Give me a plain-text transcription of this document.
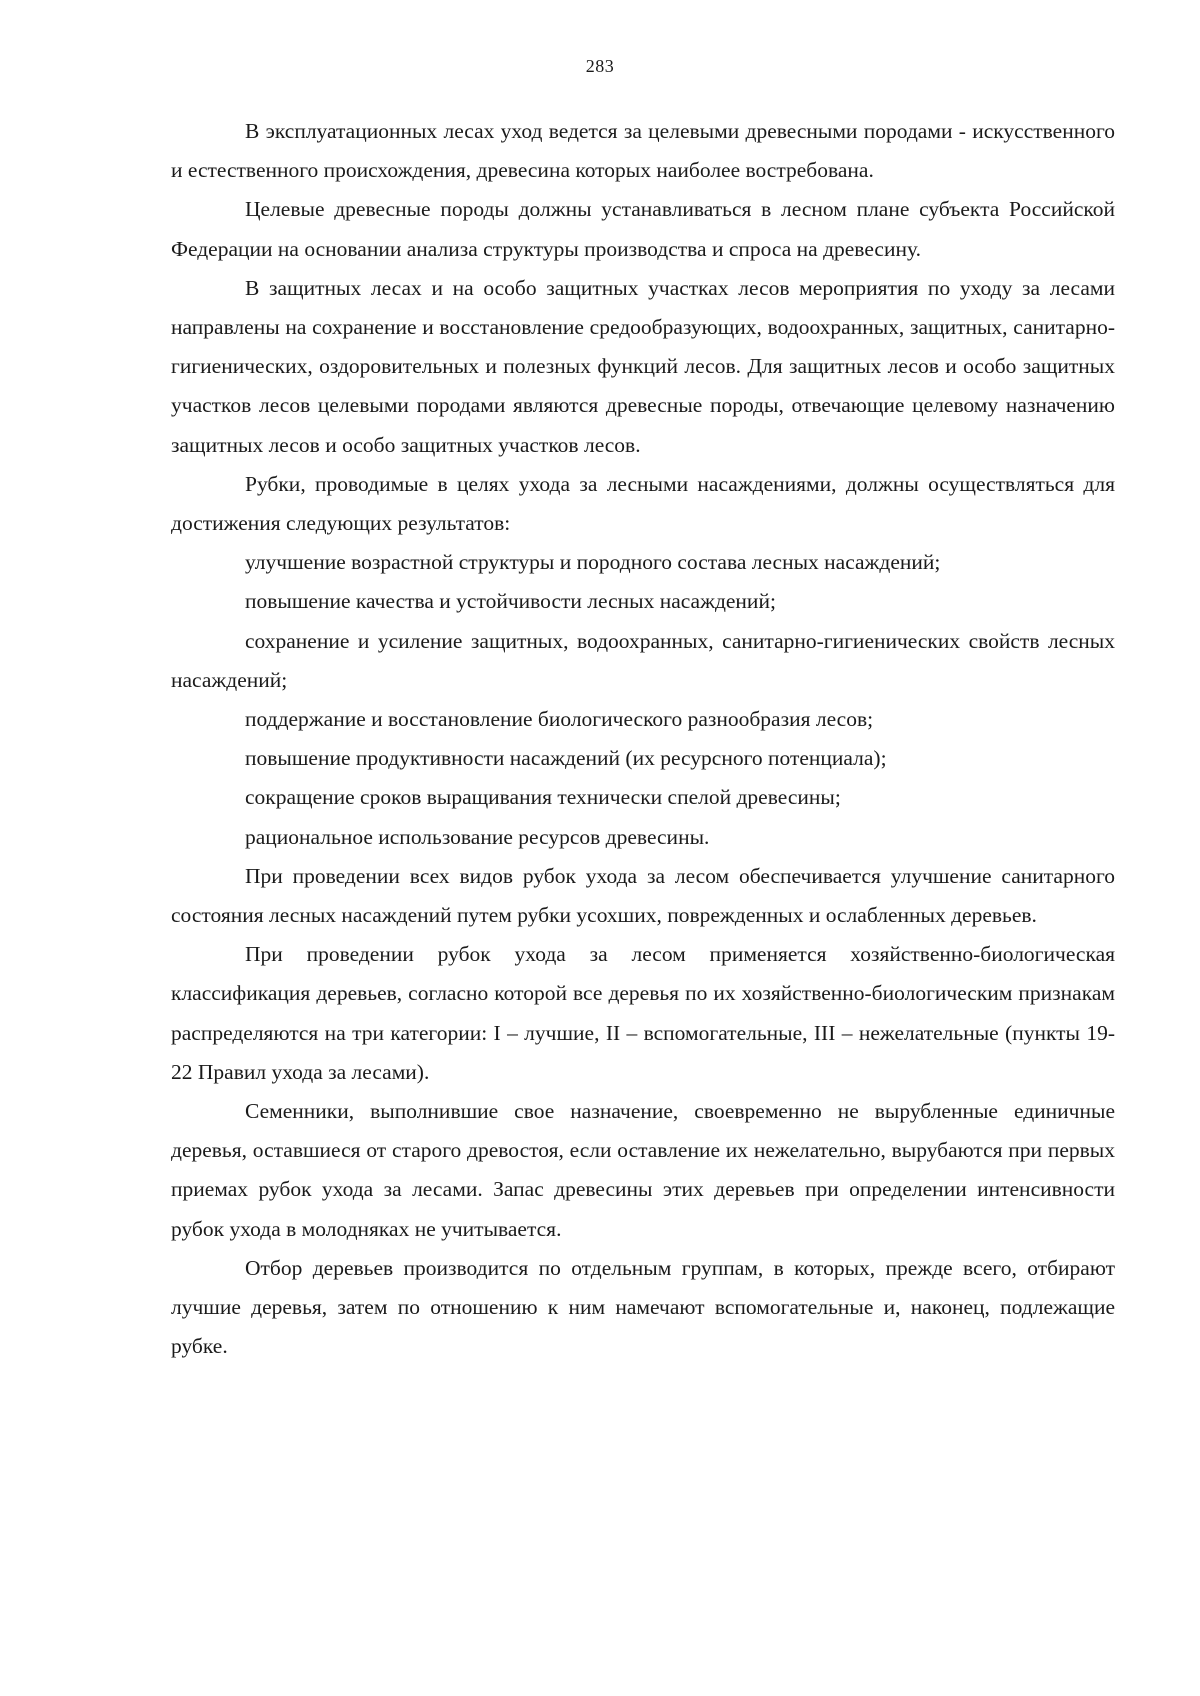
283

В эксплуатационных лесах уход ведется за целевыми древесными породами - искусственного и естественного происхождения, древесина которых наиболее востребована.

Целевые древесные породы должны устанавливаться в лесном плане субъекта Российской Федерации на основании анализа структуры производства и спроса на древесину.

В защитных лесах и на особо защитных участках лесов мероприятия по уходу за лесами направлены на сохранение и восстановление средообразующих, водоохранных, защитных, санитарно-гигиенических, оздоровительных и полезных функций лесов. Для защитных лесов и особо защитных участков лесов целевыми породами являются древесные породы, отвечающие целевому назначению защитных лесов и особо защитных участков лесов.

Рубки, проводимые в целях ухода за лесными насаждениями, должны осуществляться для достижения следующих результатов:

улучшение возрастной структуры и породного состава лесных насаждений;

повышение качества и устойчивости лесных насаждений;

сохранение и усиление защитных, водоохранных, санитарно-гигиенических свойств лесных насаждений;

поддержание и восстановление биологического разнообразия лесов;

повышение продуктивности насаждений (их ресурсного потенциала);

сокращение сроков выращивания технически спелой древесины;

рациональное использование ресурсов древесины.

При проведении всех видов рубок ухода за лесом обеспечивается улучшение санитарного состояния лесных насаждений путем рубки усохших, поврежденных и ослабленных деревьев.

При проведении рубок ухода за лесом применяется хозяйственно-биологическая классификация деревьев, согласно которой все деревья по их хозяйственно-биологическим признакам распределяются на три категории: I – лучшие, II – вспомогательные, III – нежелательные (пункты 19-22 Правил ухода за лесами).

Семенники, выполнившие свое назначение, своевременно не вырубленные единичные деревья, оставшиеся от старого древостоя, если оставление их нежелательно, вырубаются при первых приемах рубок ухода за лесами. Запас древесины этих деревьев при определении интенсивности рубок ухода в молодняках не учитывается.

Отбор деревьев производится по отдельным группам, в которых, прежде всего, отбирают лучшие деревья, затем по отношению к ним намечают вспомогательные и, наконец, подлежащие рубке.
